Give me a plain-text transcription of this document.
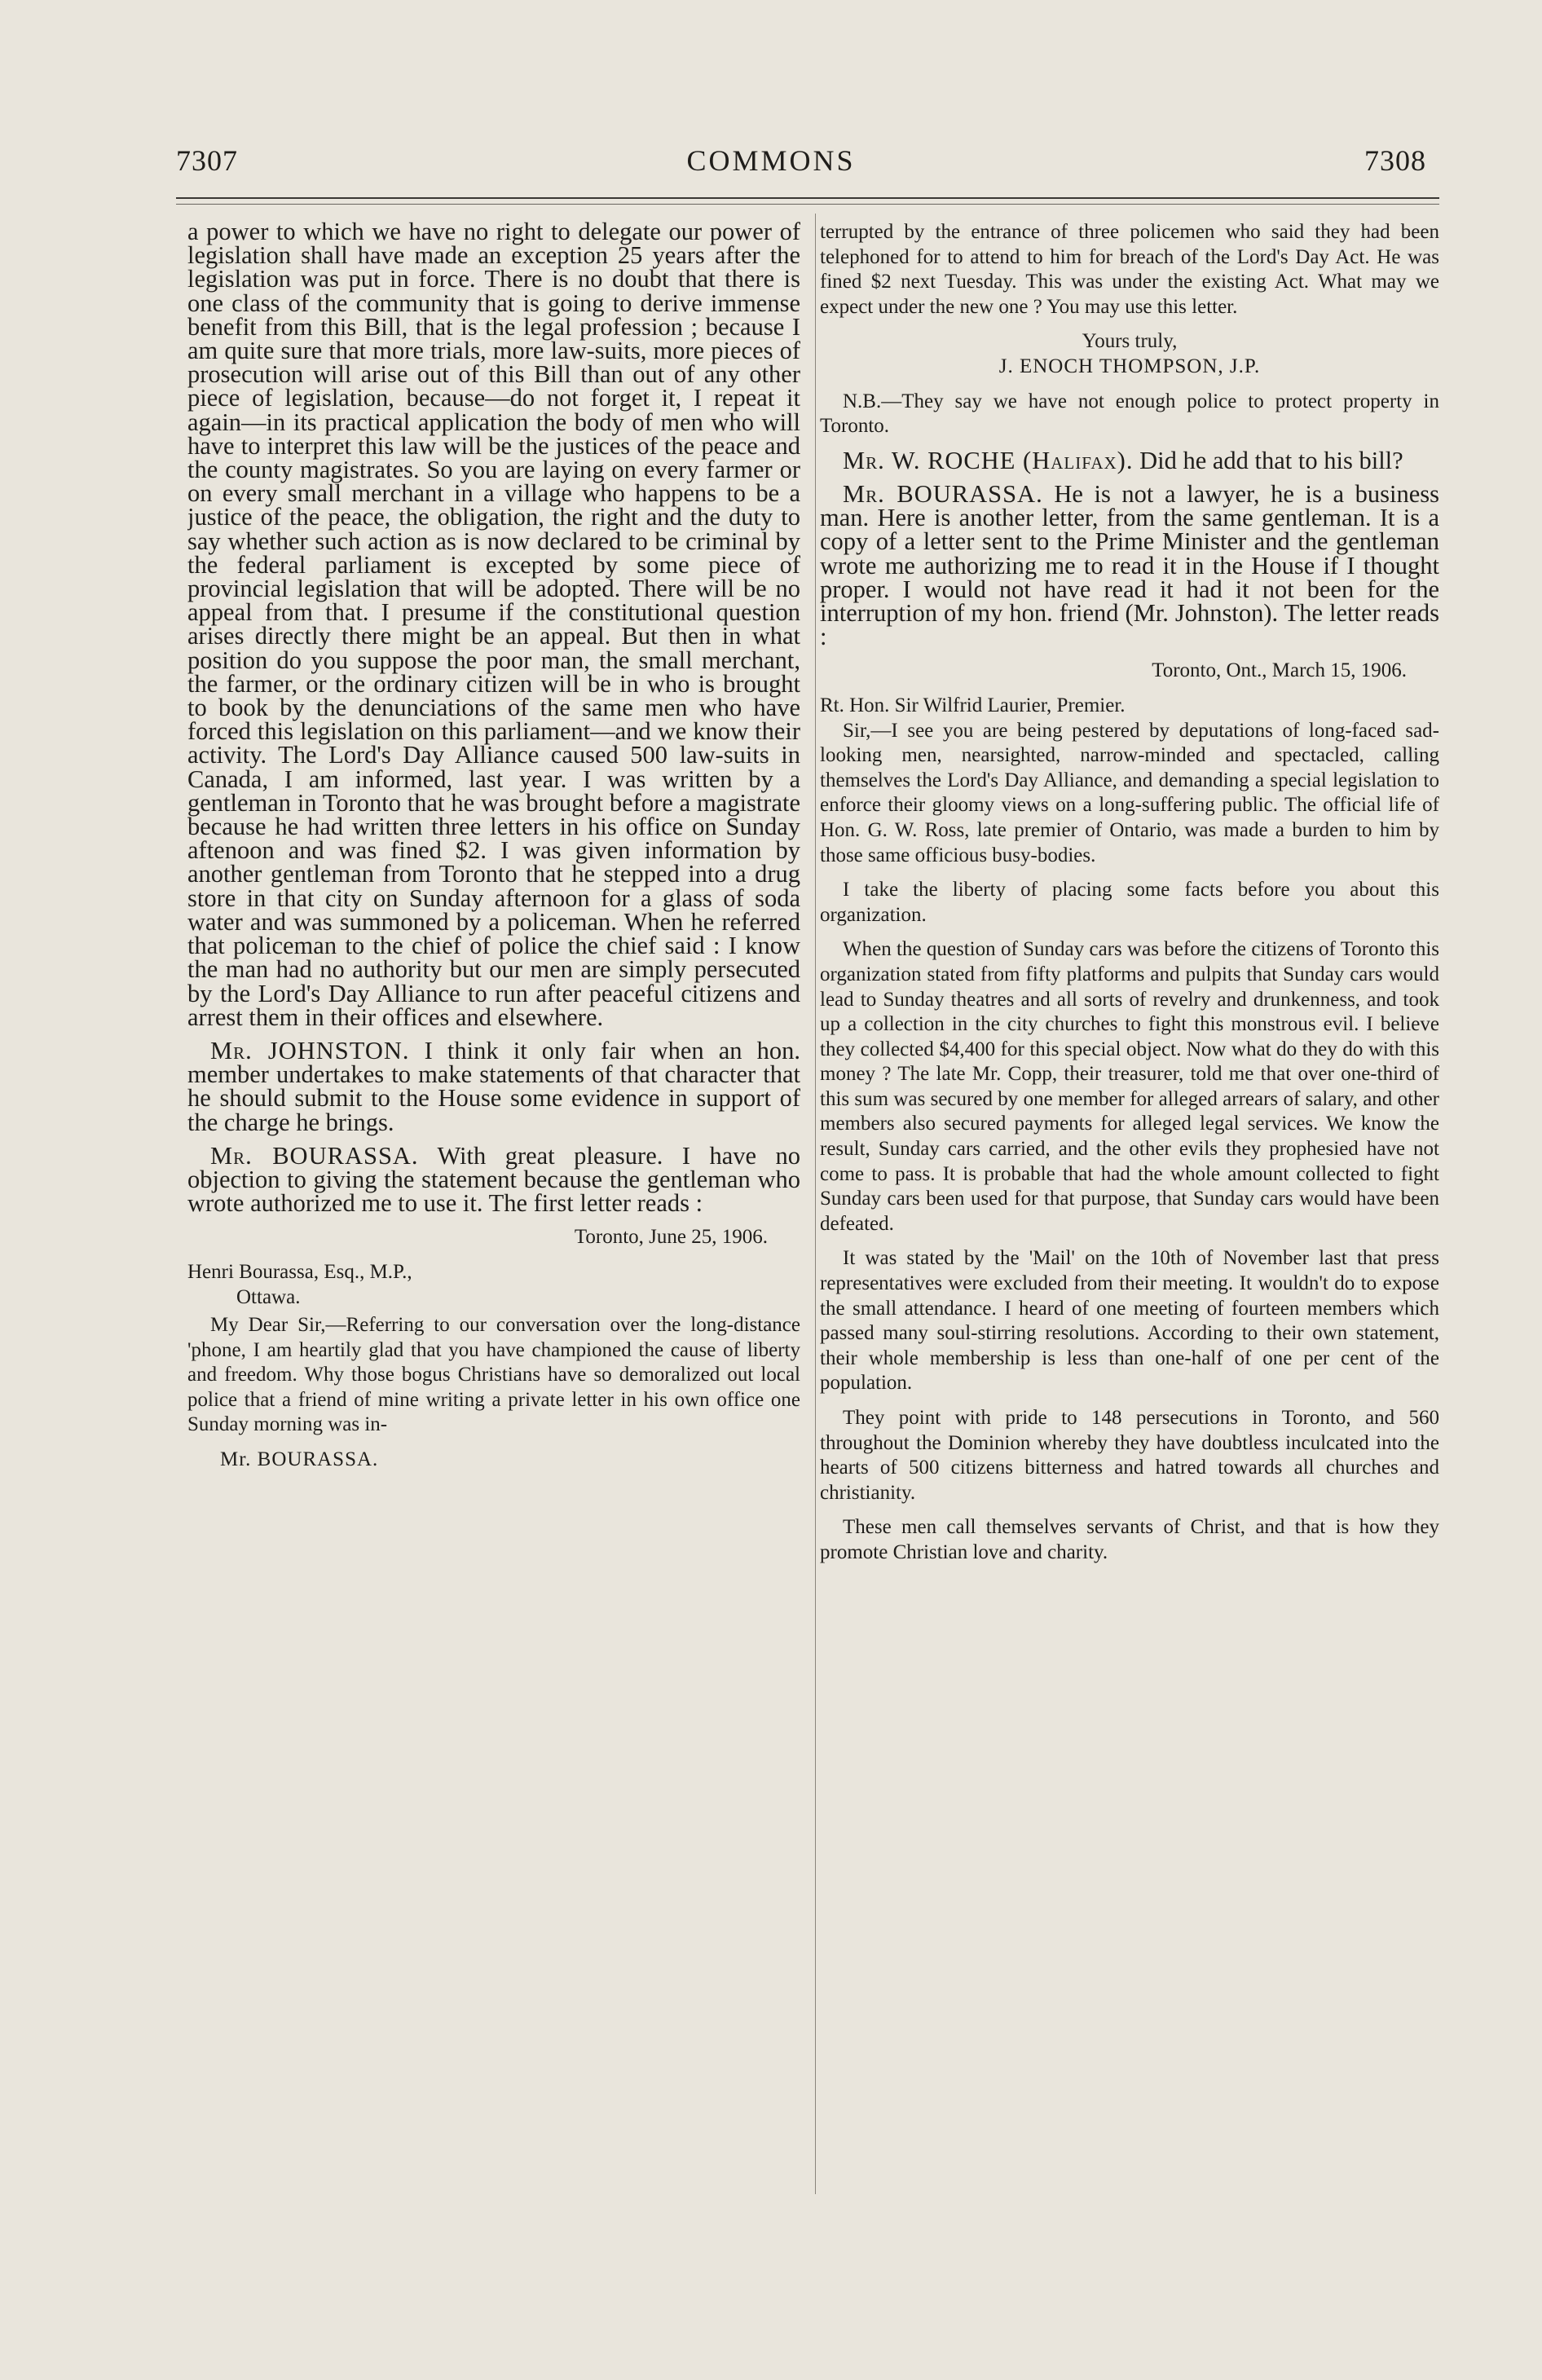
7307	COMMONS	7308

a power to which we have no right to delegate our power of legislation shall have made an exception 25 years after the legislation was put in force. There is no doubt that there is one class of the community that is going to derive immense benefit from this Bill, that is the legal profession ; because I am quite sure that more trials, more law-suits, more pieces of prosecution will arise out of this Bill than out of any other piece of legislation, because—do not forget it, I repeat it again—in its practical application the body of men who will have to interpret this law will be the justices of the peace and the county magistrates. So you are laying on every farmer or on every small merchant in a village who happens to be a justice of the peace, the obligation, the right and the duty to say whether such action as is now declared to be criminal by the federal parliament is excepted by some piece of provincial legislation that will be adopted. There will be no appeal from that. I presume if the constitutional question arises directly there might be an appeal. But then in what position do you suppose the poor man, the small merchant, the farmer, or the ordinary citizen will be in who is brought to book by the denunciations of the same men who have forced this legislation on this parliament—and we know their activity. The Lord's Day Alliance caused 500 law-suits in Canada, I am informed, last year. I was written by a gentleman in Toronto that he was brought before a magistrate because he had written three letters in his office on Sunday aftenoon and was fined $2. I was given information by another gentleman from Toronto that he stepped into a drug store in that city on Sunday afternoon for a glass of soda water and was summoned by a policeman. When he referred that policeman to the chief of police the chief said : I know the man had no authority but our men are simply persecuted by the Lord's Day Alliance to run after peaceful citizens and arrest them in their offices and elsewhere.

Mr. JOHNSTON. I think it only fair when an hon. member undertakes to make statements of that character that he should submit to the House some evidence in support of the charge he brings.

Mr. BOURASSA. With great pleasure. I have no objection to giving the statement because the gentleman who wrote authorized me to use it. The first letter reads :

Toronto, June 25, 1906.

Henri Bourassa, Esq., M.P.,

Ottawa.

My Dear Sir,—Referring to our conversation over the long-distance 'phone, I am heartily glad that you have championed the cause of liberty and freedom. Why those bogus Christians have so demoralized out local police that a friend of mine writing a private letter in his own office one Sunday morning was in-

Mr. BOURASSA.

terrupted by the entrance of three policemen who said they had been telephoned for to attend to him for breach of the Lord's Day Act. He was fined $2 next Tuesday. This was under the existing Act. What may we expect under the new one ? You may use this letter.

Yours truly,

J. ENOCH THOMPSON, J.P.

N.B.—They say we have not enough police to protect property in Toronto.

Mr. W. ROCHE (Halifax). Did he add that to his bill?

Mr. BOURASSA. He is not a lawyer, he is a business man. Here is another letter, from the same gentleman. It is a copy of a letter sent to the Prime Minister and the gentleman wrote me authorizing me to read it in the House if I thought proper. I would not have read it had it not been for the interruption of my hon. friend (Mr. Johnston). The letter reads :

Toronto, Ont., March 15, 1906.

Rt. Hon. Sir Wilfrid Laurier, Premier.

Sir,—I see you are being pestered by deputations of long-faced sad-looking men, nearsighted, narrow-minded and spectacled, calling themselves the Lord's Day Alliance, and demanding a special legislation to enforce their gloomy views on a long-suffering public. The official life of Hon. G. W. Ross, late premier of Ontario, was made a burden to him by those same officious busy-bodies.

I take the liberty of placing some facts before you about this organization.

When the question of Sunday cars was before the citizens of Toronto this organization stated from fifty platforms and pulpits that Sunday cars would lead to Sunday theatres and all sorts of revelry and drunkenness, and took up a collection in the city churches to fight this monstrous evil. I believe they collected $4,400 for this special object. Now what do they do with this money ? The late Mr. Copp, their treasurer, told me that over one-third of this sum was secured by one member for alleged arrears of salary, and other members also secured payments for alleged legal services. We know the result, Sunday cars carried, and the other evils they prophesied have not come to pass. It is probable that had the whole amount collected to fight Sunday cars been used for that purpose, that Sunday cars would have been defeated.

It was stated by the 'Mail' on the 10th of November last that press representatives were excluded from their meeting. It wouldn't do to expose the small attendance. I heard of one meeting of fourteen members which passed many soul-stirring resolutions. According to their own statement, their whole membership is less than one-half of one per cent of the population.

They point with pride to 148 persecutions in Toronto, and 560 throughout the Dominion whereby they have doubtless inculcated into the hearts of 500 citizens bitterness and hatred towards all churches and christianity.

These men call themselves servants of Christ, and that is how they promote Christian love and charity.
